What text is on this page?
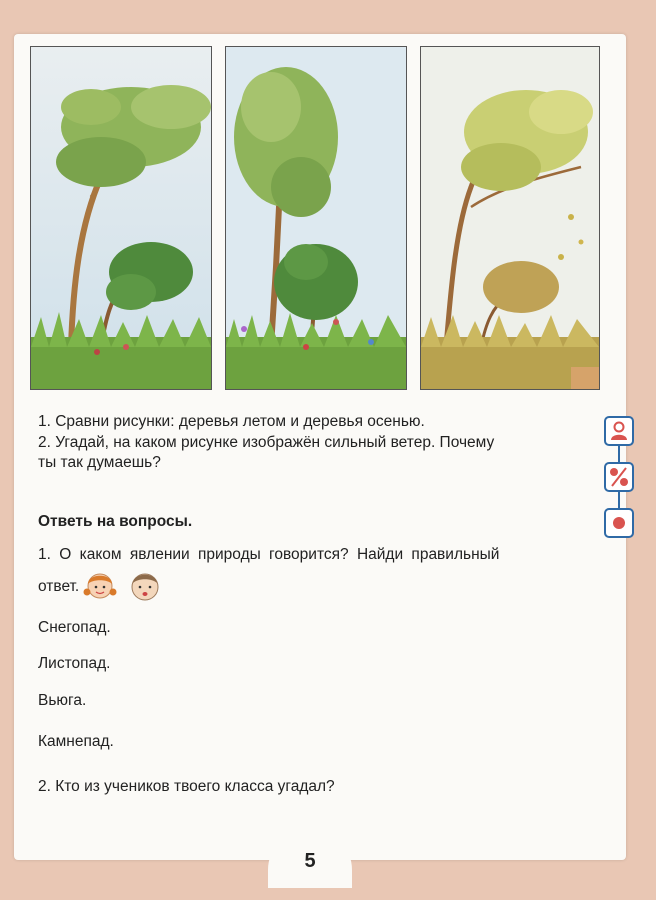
1. Сравни рисунки: деревья летом и деревья осенью.
2. Угадай, на каком рисунке изображён сильный ветер. Почему
ты так думаешь?
Ответь на вопросы.
1. О каком явлении природы говорится? Найди правильный
ответ.
Снегопад.
Листопад.
Вьюга.
Камнепад.
2. Кто из учеников твоего класса угадал?
5
